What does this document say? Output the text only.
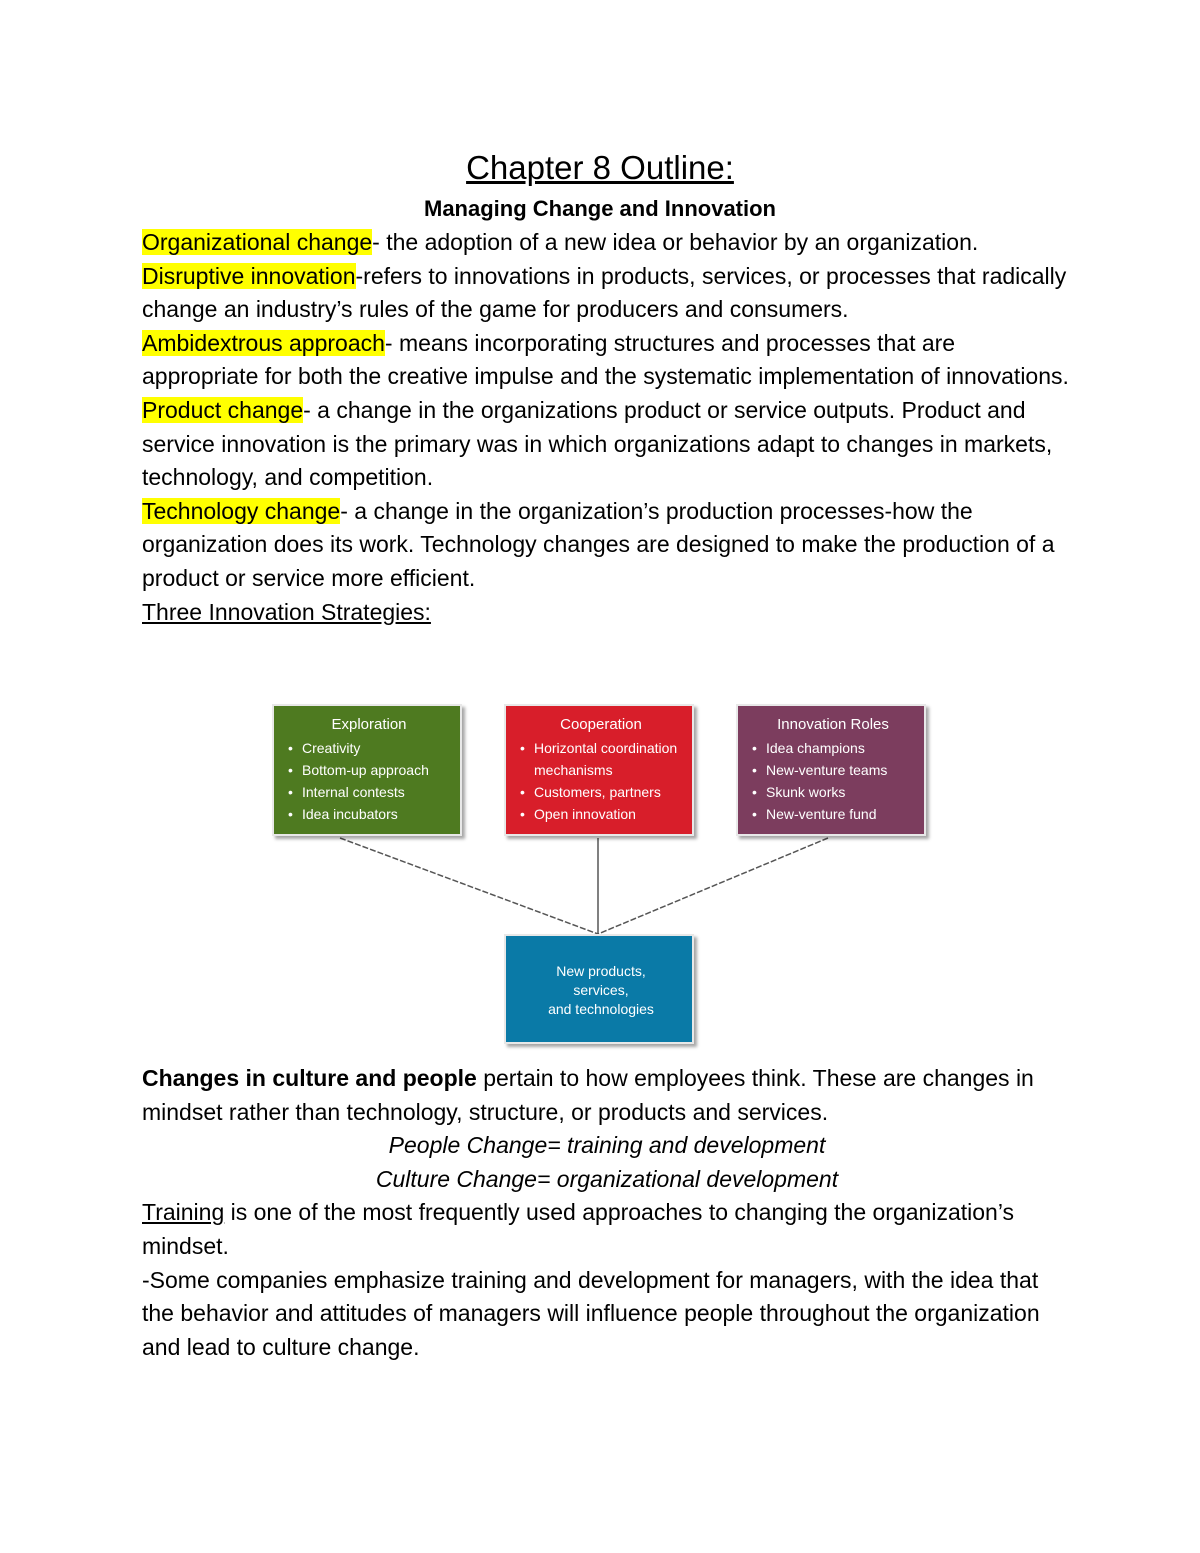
Chapter 8 Outline:
Managing Change and Innovation

Organizational change- the adoption of a new idea or behavior by an organization.

Disruptive innovation-refers to innovations in products, services, or processes that radically change an industry’s rules of the game for producers and consumers.

Ambidextrous approach- means incorporating structures and processes that are appropriate for both the creative impulse and the systematic implementation of innovations.

Product change- a change in the organizations product or service outputs. Product and service innovation is the primary was in which organizations adapt to changes in markets, technology, and competition.

Technology change- a change in the organization’s production processes-how the organization does its work. Technology changes are designed to make the production of a product or service more efficient.

Three Innovation Strategies:

Exploration
• Creativity
• Bottom-up approach
• Internal contests
• Idea incubators
Cooperation
• Horizontal coordination mechanisms
• Customers, partners
• Open innovation
Innovation Roles
• Idea champions
• New-venture teams
• Skunk works
• New-venture fund
New products,
services,
and technologies

Changes in culture and people pertain to how employees think. These are changes in mindset rather than technology, structure, or products and services.

People Change= training and development

Culture Change= organizational development

Training is one of the most frequently used approaches to changing the organization’s mindset.

-Some companies emphasize training and development for managers, with the idea that the behavior and attitudes of managers will influence people throughout the organization and lead to culture change.
